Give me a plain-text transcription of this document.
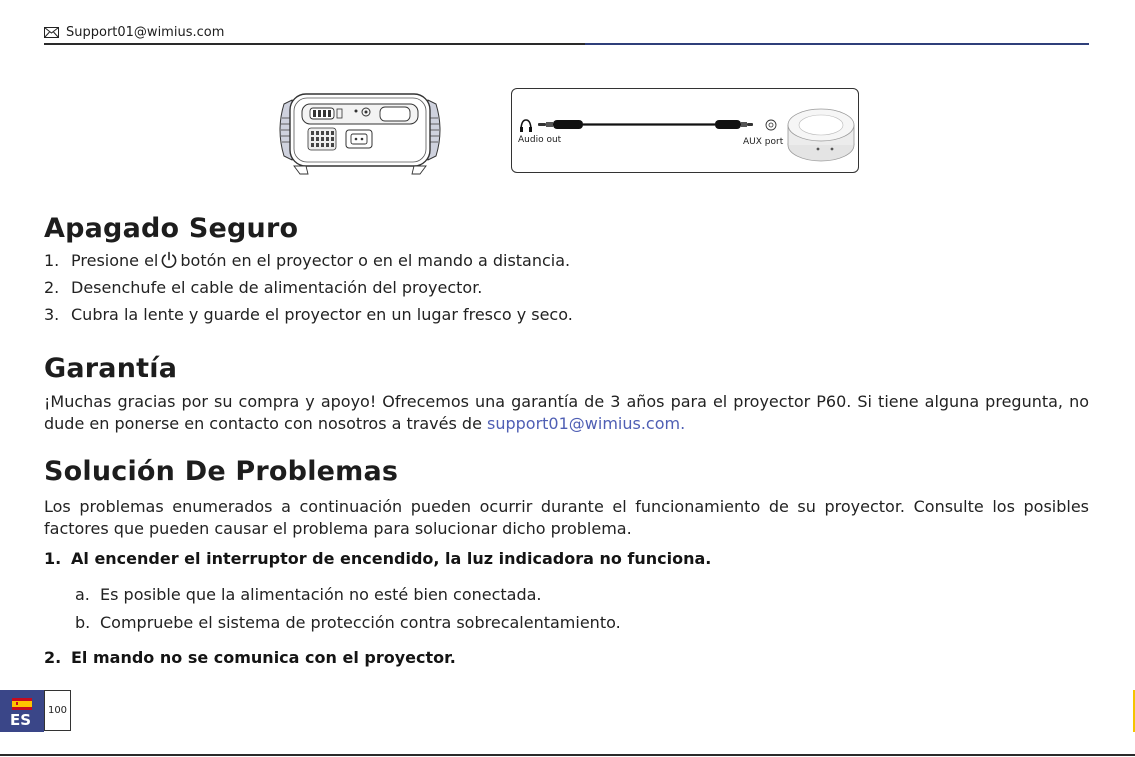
Support01@wimius.com
Audio out	AUX port
Apagado Seguro

1. Presione el botón en el proyector o en el mando a distancia.

2. Desenchufe el cable de alimentación del proyector.

3. Cubra la lente y guarde el proyector en un lugar fresco y seco.

Garantía

¡Muchas gracias por su compra y apoyo! Ofrecemos una garantía de 3 años para el proyector P60. Si tiene alguna pregunta, no dude en ponerse en contacto con nosotros a través de support01@wimius.com.

Solución De Problemas

Los problemas enumerados a continuación pueden ocurrir durante el funcionamiento de su proyector. Consulte los posibles factores que pueden causar el problema para solucionar dicho problema.

1. Al encender el interruptor de encendido, la luz indicadora no funciona.

a. Es posible que la alimentación no esté bien conectada.

b. Compruebe el sistema de protección contra sobrecalentamiento.

2. El mando no se comunica con el proyector.

ES
100
